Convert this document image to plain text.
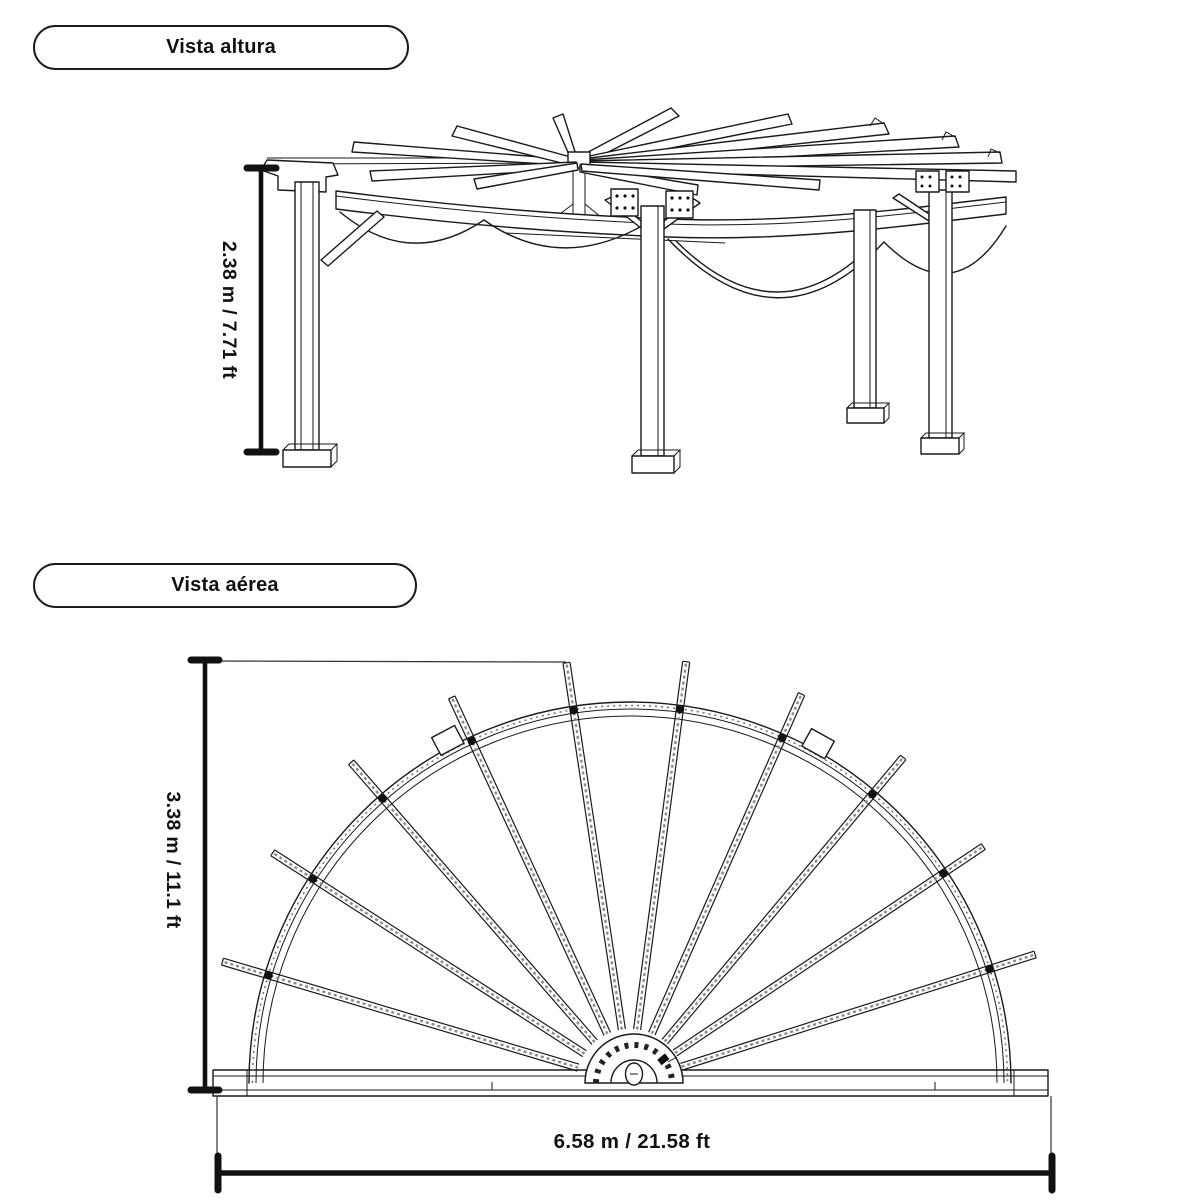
Vista altura
2.38 m / 7.71 ft
Vista aérea
3.38 m / 11.1 ft
6.58 m / 21.58 ft
